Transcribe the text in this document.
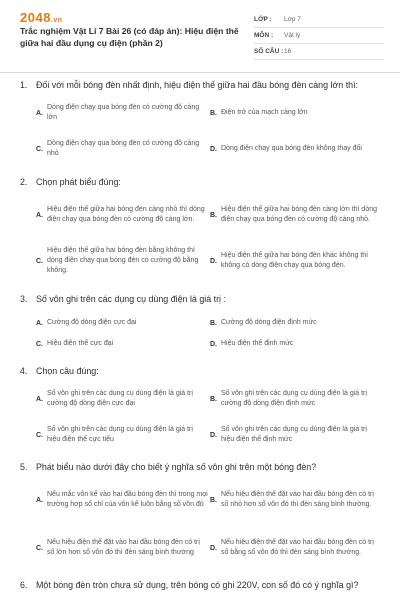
2048.vn
Trắc nghiệm Vật Lí 7 Bài 26 (có đáp án): Hiệu điện thế giữa hai đầu dụng cụ điện (phần 2)
LỚP :	Lớp 7
MÔN :	Vật lý
SỐ CÂU : 16
1. Đối với mỗi bóng đèn nhất định, hiệu điện thế giữa hai đầu bóng đèn càng lớn thì:
A.
Dòng điện chạy qua bóng đèn có cường độ càng lớn
B. Điện trở của mạch càng lớn
C.
Dòng điện chạy qua bóng đèn có cường độ càng nhỏ
D. Dòng điện chạy qua bóng đèn không thay đổi
2. Chọn phát biểu đúng:
A.
Hiệu điện thế giữa hai bóng đèn càng nhỏ thì dòng điện chạy qua bóng đèn có cường độ càng lớn.
B.
Hiệu điện thế giữa hai bóng đèn càng lớn thì dòng điện chạy qua bóng đèn có cường độ càng nhỏ.
C.
Hiệu điện thế giữa hai bóng đèn bằng không thì dòng điện chạy qua bóng đèn có cường độ bằng không.
D.
Hiệu điện thế giữa hai bóng đèn khác không thì không có dòng điện chạy qua bóng đèn.
3. Số vôn ghi trên các dụng cụ dùng điện là giá trị :
A. Cường độ dòng điện cực đại	B. Cường độ dòng điện định mức
C. Hiệu điện thế cực đại	D. Hiệu điện thế định mức
4. Chọn câu đúng:
A.
Số vôn ghi trên các dụng cụ dùng điện là giá trị cường độ dòng điện cực đại
B.
Số vôn ghi trên các dụng cụ dùng điện là giá trị cường độ dòng điện định mức
C.
Số vôn ghi trên các dụng cụ dùng điện là giá trị hiệu điện thế cực tiểu
D.
Số vôn ghi trên các dụng cụ dùng điện là giá trị hiệu điện thế định mức
5. Phát biểu nào dưới đây cho biết ý nghĩa số vôn ghi trên một bóng đèn?
A.
Nếu mắc vôn kế vào hai đầu bóng đèn thì trong mọi trường hợp số chỉ của vôn kế luôn bằng số vôn đó
B.
Nếu hiệu điện thế đặt vào hai đầu bóng đèn có trị số nhỏ hơn số vôn đó thì đèn sáng bình thường.
C.
Nếu hiệu điện thế đặt vào hai đầu bóng đèn có trị số lớn hơn số vôn đó thì đèn sáng bình thường
D.
Nếu hiệu điện thế đặt vào hai đầu bóng đèn có trị số bằng số vôn đó thì đèn sáng bình thường.
6. Một bóng đèn tròn chưa sử dụng, trên bóng có ghi 220V, con số đó có ý nghĩa gì?
